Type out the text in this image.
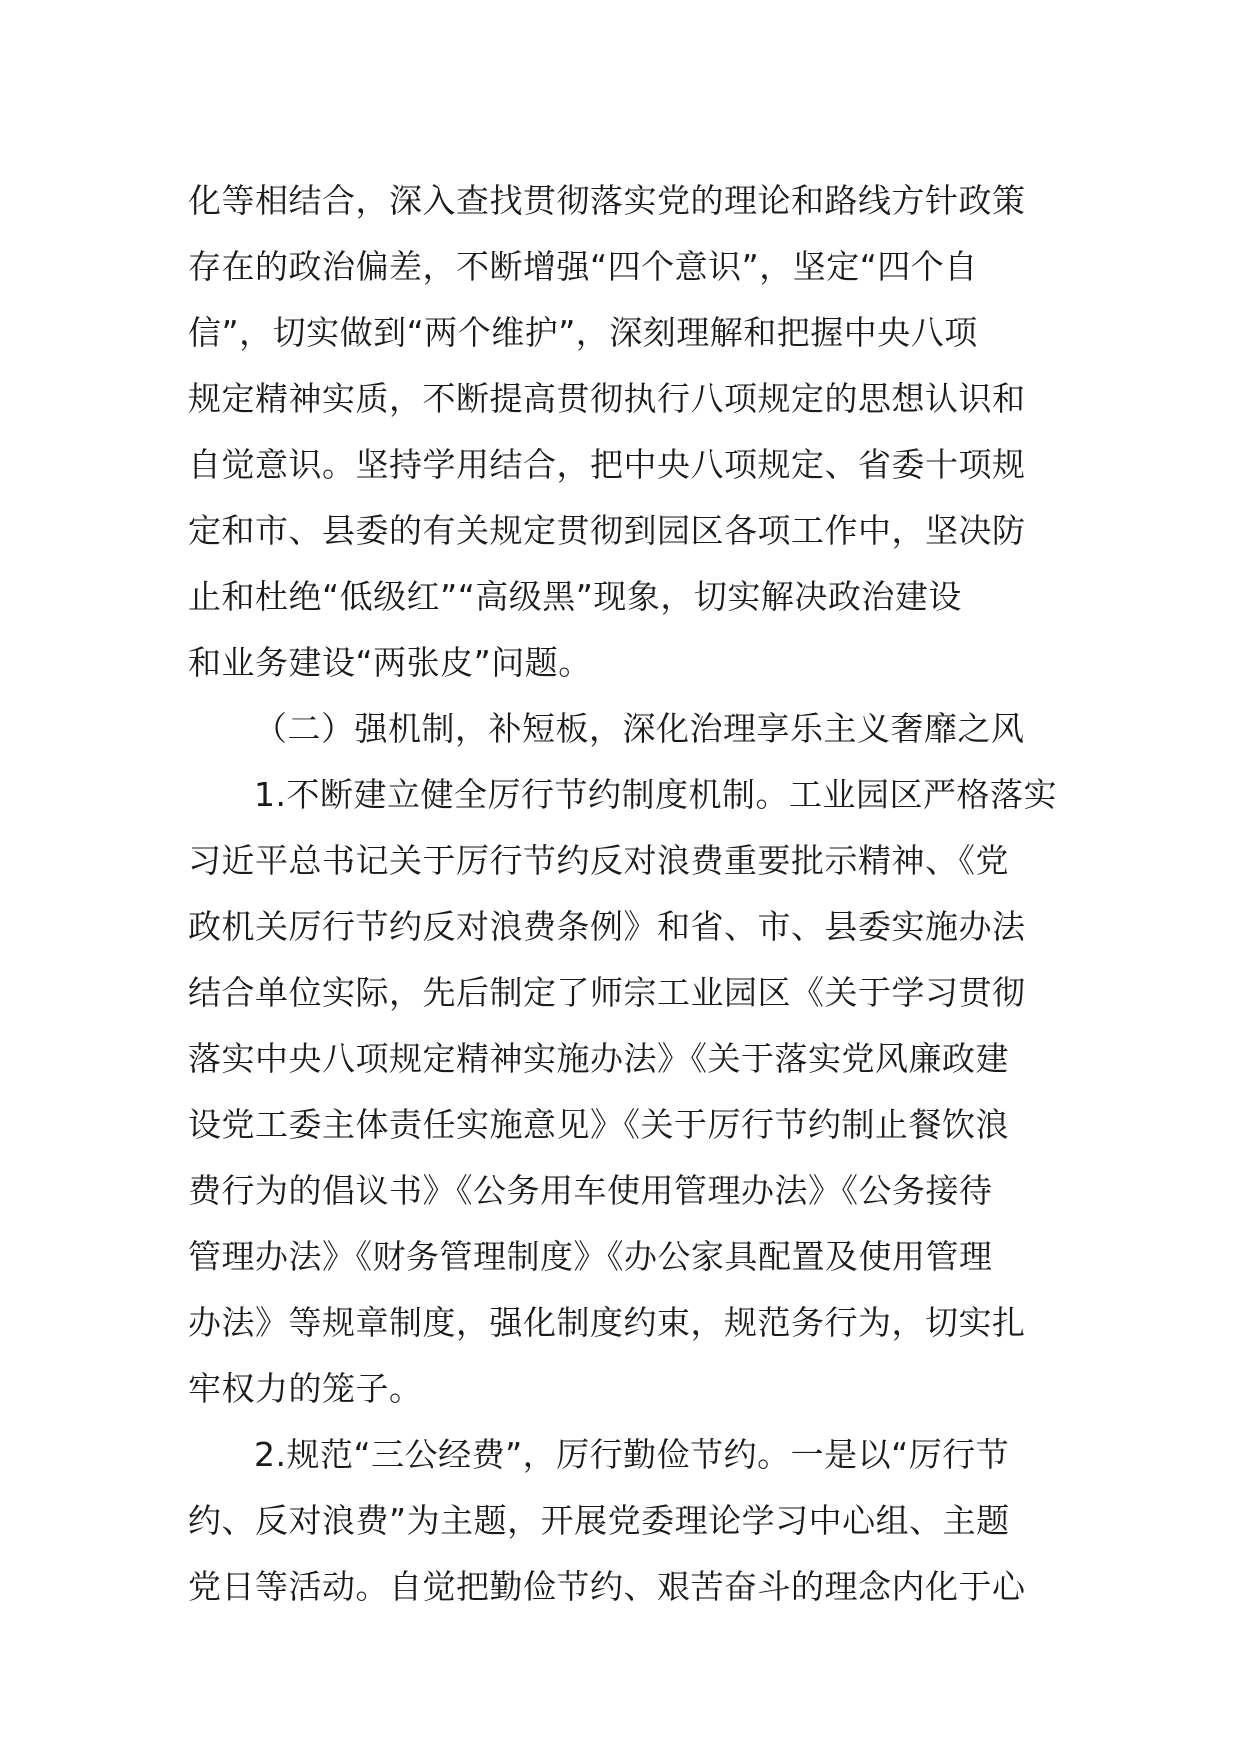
化等相结合，深入查找贯彻落实党的理论和路线方针政策
存在的政治偏差，不断增强“四个意识”，坚定“四个自
信”，切实做到“两个维护”，深刻理解和把握中央八项
规定精神实质，不断提高贯彻执行八项规定的思想认识和
自觉意识。坚持学用结合，把中央八项规定、省委十项规
定和市、县委的有关规定贯彻到园区各项工作中，坚决防
止和杜绝“低级红”“高级黑”现象，切实解决政治建设
和业务建设“两张皮”问题。
（二）强机制，补短板，深化治理享乐主义奢靡之风
1.不断建立健全厉行节约制度机制。工业园区严格落实
习近平总书记关于厉行节约反对浪费重要批示精神、《党
政机关厉行节约反对浪费条例》和省、市、县委实施办法
结合单位实际，先后制定了师宗工业园区《关于学习贯彻
落实中央八项规定精神实施办法》《关于落实党风廉政建
设党工委主体责任实施意见》《关于厉行节约制止餐饮浪
费行为的倡议书》《公务用车使用管理办法》《公务接待
管理办法》《财务管理制度》《办公家具配置及使用管理
办法》等规章制度，强化制度约束，规范务行为，切实扎
牢权力的笼子。
2.规范“三公经费”，厉行勤俭节约。一是以“厉行节
约、反对浪费”为主题，开展党委理论学习中心组、主题
党日等活动。自觉把勤俭节约、艰苦奋斗的理念内化于心
